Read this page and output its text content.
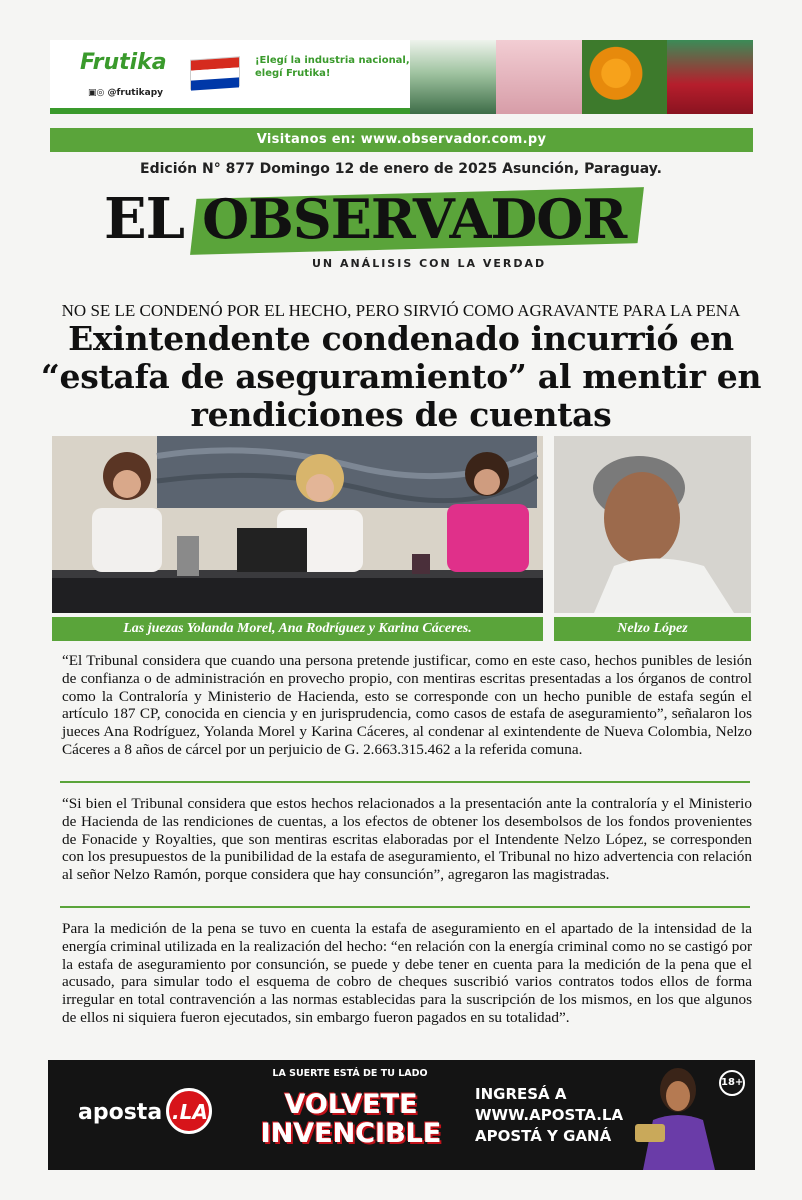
Frutika
▣◎ @frutikapy
¡Elegí la industria nacional,
elegí Frutika!
Visitanos en: www.observador.com.py
Edición N° 877 Domingo 12 de enero de 2025 Asunción, Paraguay.
EL OBSERVADOR
UN ANÁLISIS CON LA VERDAD
NO SE LE CONDENÓ POR EL HECHO, PERO SIRVIÓ COMO AGRAVANTE PARA LA PENA
Exintendente condenado incurrió en “estafa de aseguramiento” al mentir en rendiciones de cuentas
Las juezas Yolanda Morel, Ana Rodríguez y Karina Cáceres.	Nelzo López

“El Tribunal considera que cuando una persona pretende justificar, como en este caso, hechos punibles de lesión de confianza o de administración en provecho propio, con mentiras escritas presentadas a los órganos de control como la Contraloría y Ministerio de Hacienda, esto se corresponde con un hecho punible de estafa según el artículo 187 CP, conocida en ciencia y en jurisprudencia, como casos de estafa de aseguramiento”, señalaron los jueces Ana Rodríguez, Yolanda Morel y Karina Cáceres, al condenar al exintendente de Nueva Colombia, Nelzo Cáceres a 8 años de cárcel por un perjuicio de G. 2.663.315.462 a la referida comuna.

“Si bien el Tribunal considera que estos hechos relacionados a la presentación ante la contraloría y el Ministerio de Hacienda de las rendiciones de cuentas, a los efectos de obtener los desembolsos de los fondos provenientes de Fonacide y Royalties, que son mentiras escritas elaboradas por el Intendente Nelzo López, se corresponden con los presupuestos de la punibilidad de la estafa de aseguramiento, el Tribunal no hizo advertencia con relación al señor Nelzo Ramón, porque considera que hay consunción”, agregaron las magistradas.

Para la medición de la pena se tuvo en cuenta la estafa de aseguramiento en el apartado de la intensidad de la energía criminal utilizada en la realización del hecho: “en relación con la energía criminal como no se castigó por la estafa de aseguramiento por consunción, se puede y debe tener en cuenta para la medición de la pena que el acusado, para simular todo el esquema de cobro de cheques suscribió varios contratos todos ellos de forma irregular en total contravención a las normas establecidas para la suscripción de los mismos, en los que algunos de ellos ni siquiera fueron ejecutados, sin embargo fueron pagados en su totalidad”.

aposta .LA
LA SUERTE ESTÁ DE TU LADO
VOLVETE
INVENCIBLE
INGRESÁ A
WWW.APOSTA.LA
APOSTÁ Y GANÁ
18+
